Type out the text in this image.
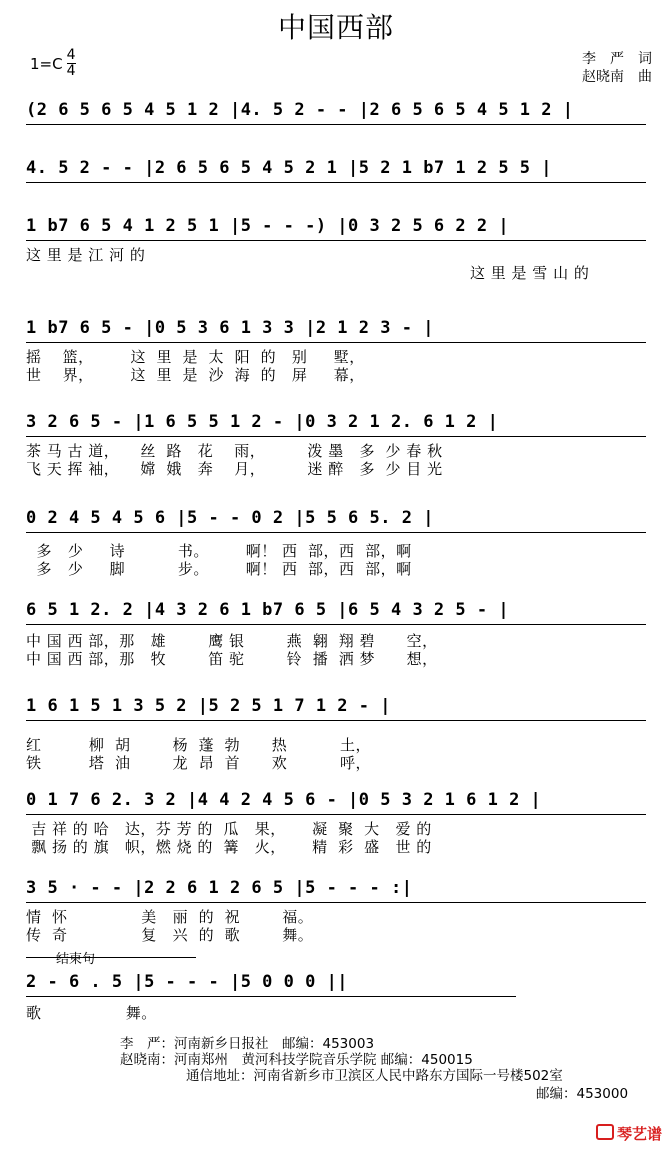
中国西部
$1=C \frac{4}{4}$	李　严　词
赵晓南　曲
(2 6 5 6 5 4 5 1 2 |4. 5 2 - - |2 6 5 6 5 4 5 1 2 |
4. 5 2 - - |2 6 5 6 5 4 5 2 1 |5 2 1 b7 1 2 5 5 |
1 b7 6 5 4 1 2 5 1 |5 - - -) |0 3 2 5 6 2 2 |
这 里 是 江 河 的
这 里 是 雪 山 的
1 b7 6 5 - |0 5 3 6 1 3 3 |2 1 2 3 - |
摇    篮，       这  里  是  太  阳  的   别     墅，
世    界，       这  里  是  沙  海  的   屏     幕，
3 2 6 5 - |1 6 5 5 1 2 - |0 3 2 1 2. 6 1 2 |
茶 马 古 道，    丝  路   花    雨，        泼 墨   多  少 春 秋
飞 天 挥 袖，    嫦  娥   奔    月，        迷 醉   多  少 目 光
0 2 4 5 4 5 6 |5 - - 0 2 |5 5 6 5. 2 |
多   少     诗          书。       啊！ 西  部，西  部，啊
多   少     脚          步。       啊！ 西  部，西  部，啊
6 5 1 2. 2 |4 3 2 6 1 b7 6 5 |6 5 4 3 2 5 - |
中 国 西 部，那   雄        鹰 银        燕  翱  翔 碧      空，
中 国 西 部，那   牧        笛 驼        铃  播  洒 梦      想，
1 6 1 5 1 3 5 2 |5 2 5 1 7 1 2 - |
红         柳  胡        杨  蓬  勃      热          土，
铁         塔  油        龙  昂  首      欢          呼，
0 1 7 6 2. 3 2 |4 4 2 4 5 6 - |0 5 3 2 1 6 1 2 |
吉 祥 的 哈   达，芬 芳 的  瓜   果，     凝  聚  大   爱 的
飘 扬 的 旗   帜，燃 烧 的  篝   火，     精  彩  盛   世 的
3 5 · - - |2 2 6 1 2 6 5 |5 - - - :|
情  怀              美   丽  的  祝        福。
传  奇              复   兴  的  歌        舞。
结束句
2 - 6 . 5 |5 - - - |5 0 0 0 ||
歌                舞。
李　严：河南新乡日报社　邮编：453003
赵晓南：河南郑州　黄河科技学院音乐学院 邮编：450015
通信地址：河南省新乡市卫滨区人民中路东方国际一号楼502室
邮编：453000
琴艺谱
